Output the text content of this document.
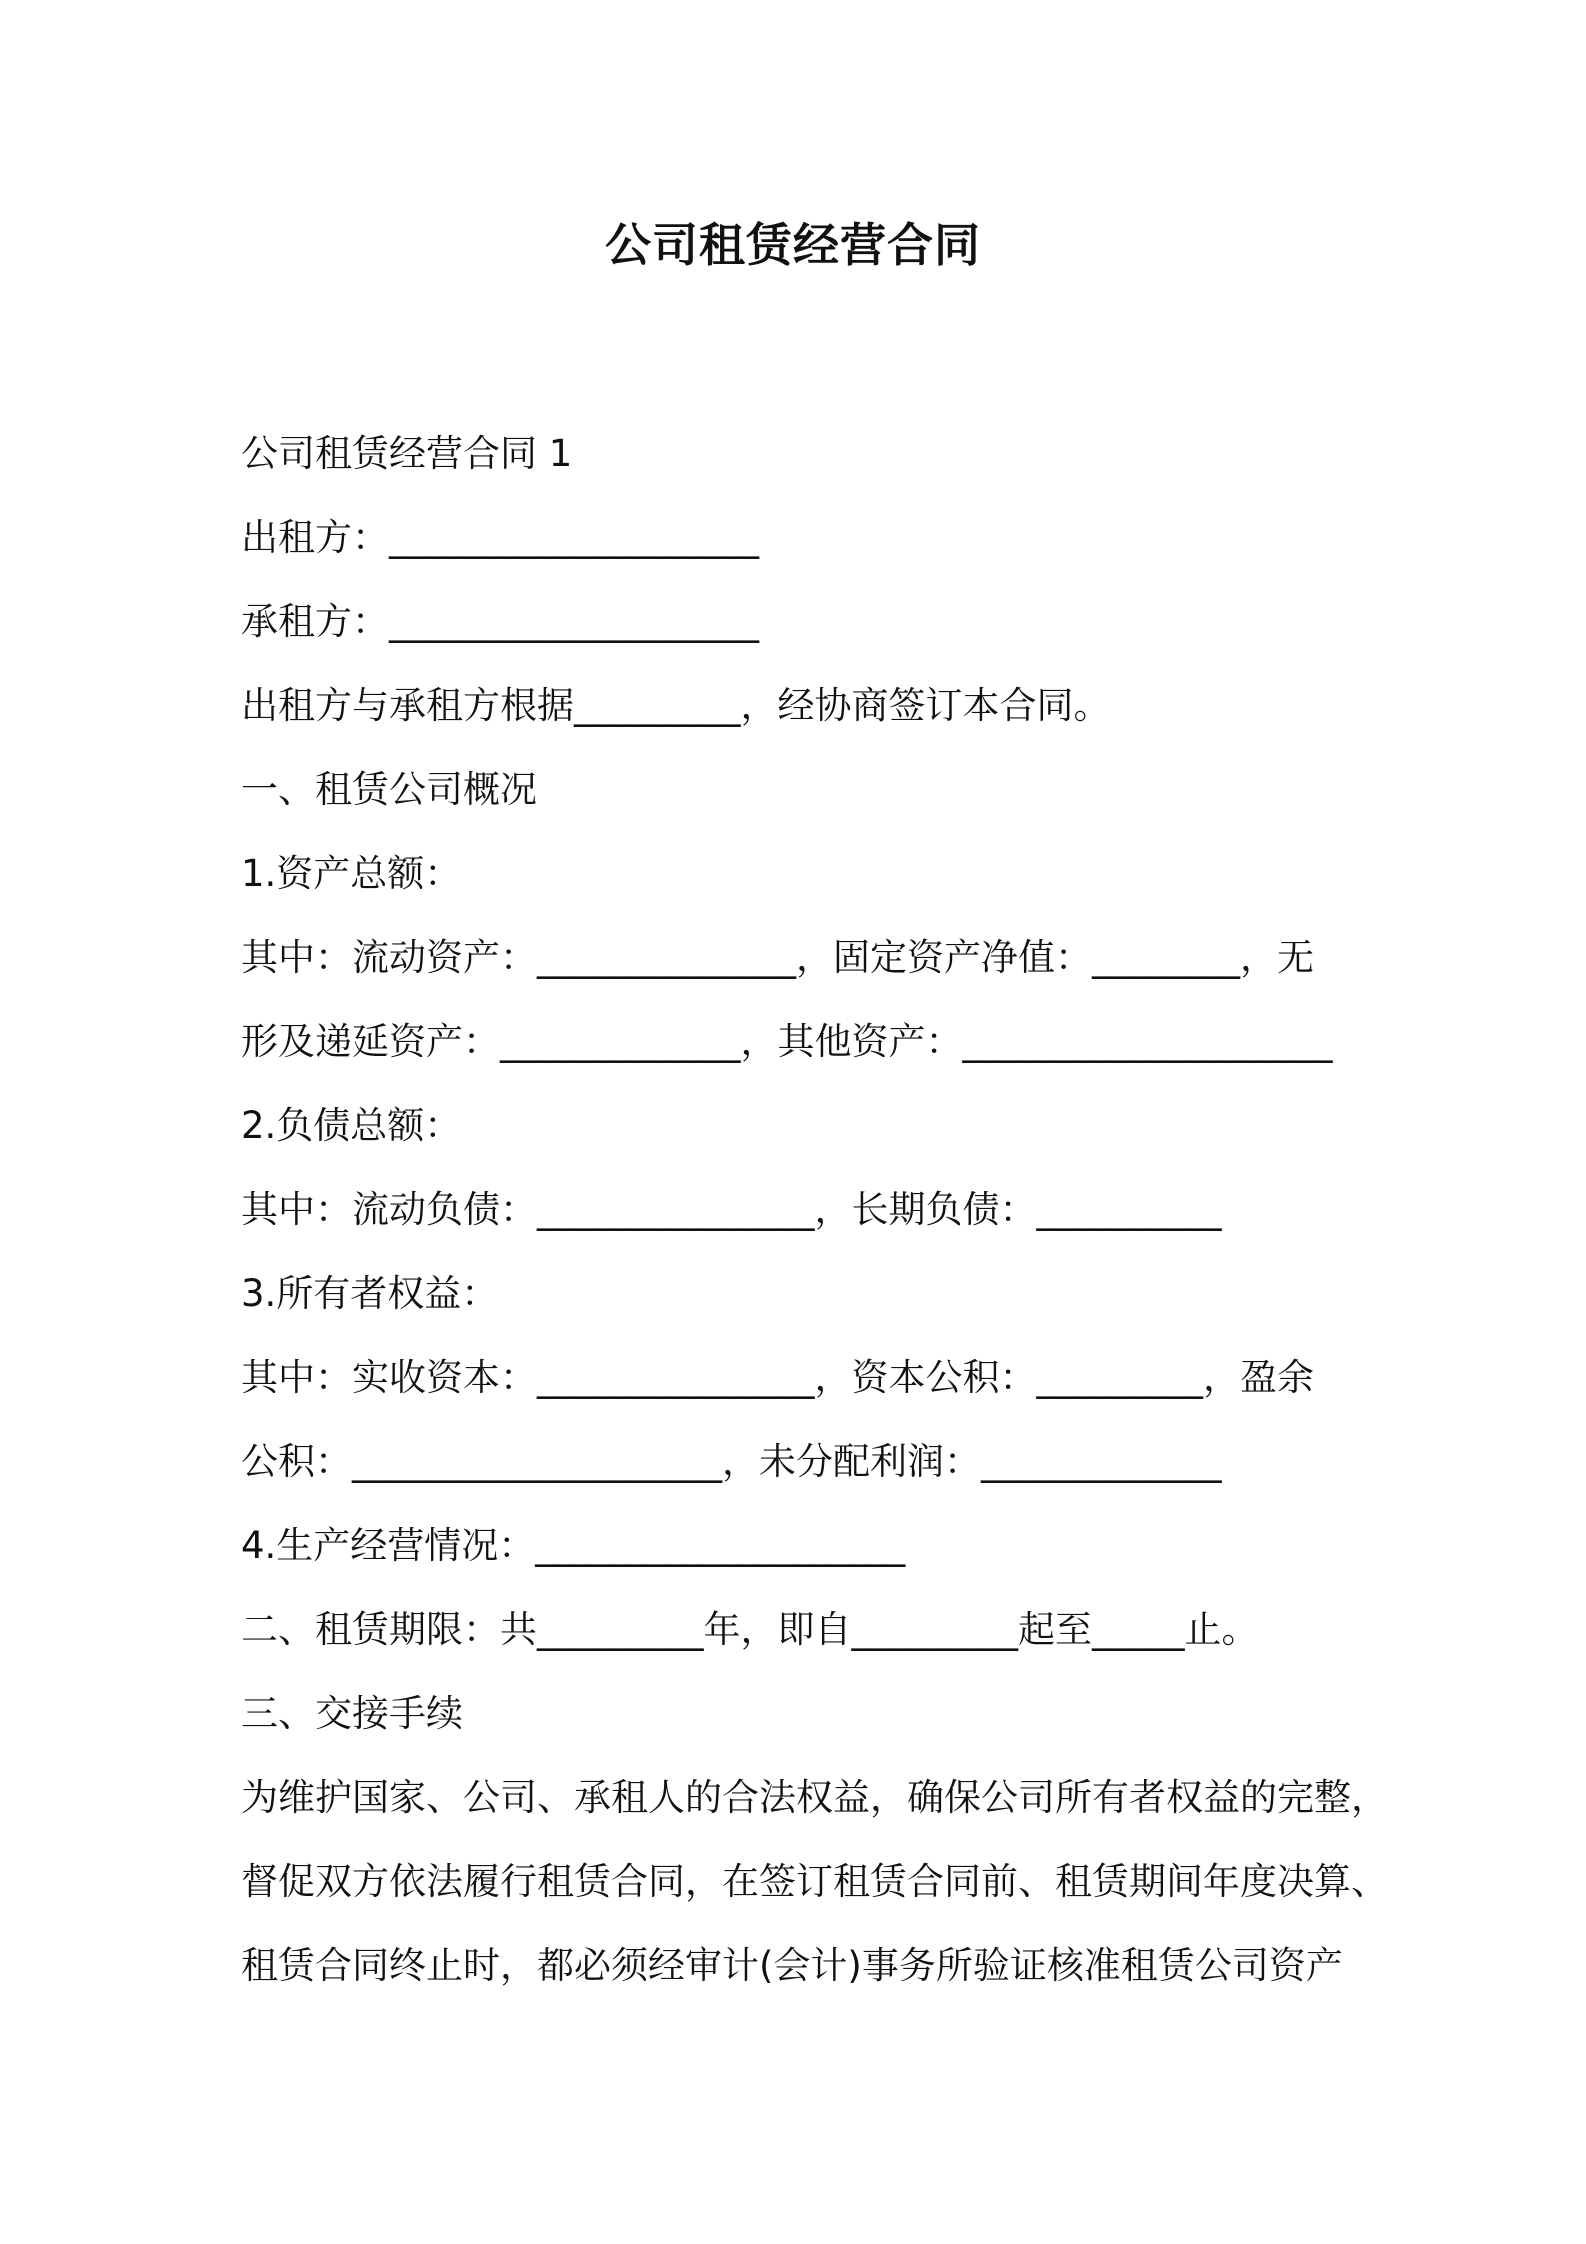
公司租赁经营合同
公司租赁经营合同 1
出租方：____________________
承租方：____________________
出租方与承租方根据_________，经协商签订本合同。
一、租赁公司概况
1.资产总额：
其中：流动资产：______________，固定资产净值：________，无
形及递延资产：_____________，其他资产：____________________
2.负债总额：
其中：流动负债：_______________，长期负债：__________
3.所有者权益：
其中：实收资本：_______________，资本公积：_________，盈余
公积：____________________，未分配利润：_____________
4.生产经营情况：____________________
二、租赁期限：共_________年，即自_________起至_____止。
三、交接手续
为维护国家、公司、承租人的合法权益，确保公司所有者权益的完整，
督促双方依法履行租赁合同，在签订租赁合同前、租赁期间年度决算、
租赁合同终止时，都必须经审计(会计)事务所验证核准租赁公司资产
